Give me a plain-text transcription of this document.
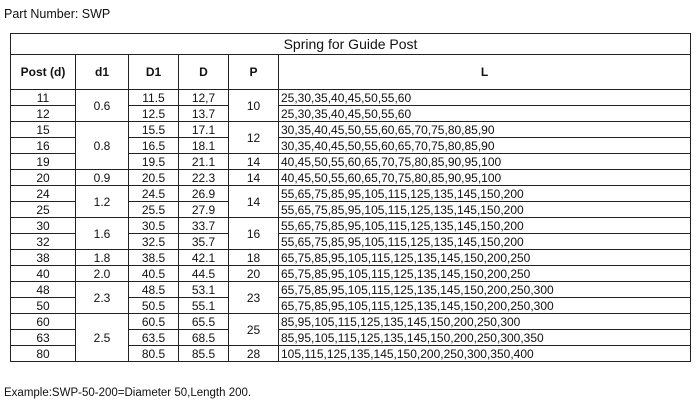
Part Number: SWP
Spring for Guide Post					
Post (d)	d1	D1	D	P	L
11	0.6	11.5	12,7	10	25,30,35,40,45,50,55,60
12		12.5	13.7		25,30,35,40,45,50,55,60
15	0.8	15.5	17.1	12	30,35,40,45,50,55,60,65,70,75,80,85,90
16		16.5	18.1		30,35,40,45,50,55,60,65,70,75,80,85,90
19		19.5	21.1	14	40,45,50,55,60,65,70,75,80,85,90,95,100
20	0.9	20.5	22.3	14	40,45,50,55,60,65,70,75,80,85,90,95,100
24	1.2	24.5	26.9	14	55,65,75,85,95,105,115,125,135,145,150,200
25		25.5	27.9		55,65,75,85,95,105,115,125,135,145,150,200
30	1.6	30.5	33.7	16	55,65,75,85,95,105,115,125,135,145,150,200
32		32.5	35.7		55,65,75,85,95,105,115,125,135,145,150,200
38	1.8	38.5	42.1	18	65,75,85,95,105,115,125,135,145,150,200,250
40	2.0	40.5	44.5	20	65,75,85,95,105,115,125,135,145,150,200,250
48	2.3	48.5	53.1	23	65,75,85,95,105,115,125,135,145,150,200,250,300
50		50.5	55.1		65,75,85,95,105,115,125,135,145,150,200,250,300
60	2.5	60.5	65.5	25	85,95,105,115,125,135,145,150,200,250,300
63		63.5	68.5		85,95,105,115,125,135,145,150,200,250,300,350
80		80.5	85.5	28	105,115,125,135,145,150,200,250,300,350,400
Example:SWP-50-200=Diameter 50,Length 200.
